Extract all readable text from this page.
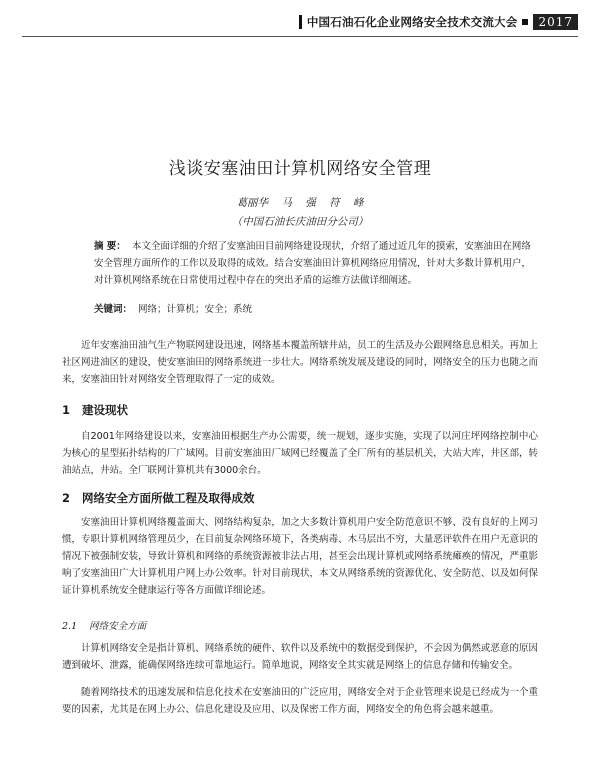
中国石油石化企业网络安全技术交流大会	2017
浅谈安塞油田计算机网络安全管理
葛丽华 马 强 符 峰
（中国石油长庆油田分公司）
摘 要： 本文全面详细的介绍了安塞油田目前网络建设现状，介绍了通过近几年的摸索，安塞油田在网络安全管理方面所作的工作以及取得的成效。结合安塞油田计算机网络应用情况，针对大多数计算机用户，对计算机网络系统在日常使用过程中存在的突出矛盾的运维方法做详细阐述。
关键词： 网络；计算机；安全；系统
近年安塞油田油气生产物联网建设迅速，网络基本覆盖所辖井站，员工的生活及办公跟网络息息相关。再加上社区网进油区的建设，使安塞油田的网络系统进一步壮大。网络系统发展及建设的同时，网络安全的压力也随之而来，安塞油田针对网络安全管理取得了一定的成效。
1 建设现状
自2001年网络建设以来，安塞油田根据生产办公需要，统一规划，逐步实施，实现了以河庄坪网络控制中心为核心的星型拓扑结构的厂广域网。目前安塞油田厂域网已经覆盖了全厂所有的基层机关，大站大库，井区部，转油站点，井站。全厂联网计算机共有3000余台。
2 网络安全方面所做工程及取得成效
安塞油田计算机网络覆盖面大、网络结构复杂，加之大多数计算机用户安全防范意识不够、没有良好的上网习惯，专职计算机网络管理员少，在目前复杂网络环境下，各类病毒、木马层出不穷，大量恶评软件在用户无意识的情况下被强制安装，导致计算机和网络的系统资源被非法占用，甚至会出现计算机或网络系统瘫痪的情况，严重影响了安塞油田广大计算机用户网上办公效率。针对目前现状，本文从网络系统的资源优化、安全防范、以及如何保证计算机系统安全健康运行等各方面做详细论述。
2.1 网络安全方面
计算机网络安全是指计算机、网络系统的硬件、软件以及系统中的数据受到保护，不会因为偶然或恶意的原因遭到破坏、泄露，能确保网络连续可靠地运行。简单地说，网络安全其实就是网络上的信息存储和传输安全。
随着网络技术的迅速发展和信息化技术在安塞油田的广泛应用，网络安全对于企业管理来说是已经成为一个重要的因素，尤其是在网上办公、信息化建设及应用、以及保密工作方面，网络安全的角色将会越来越重。
